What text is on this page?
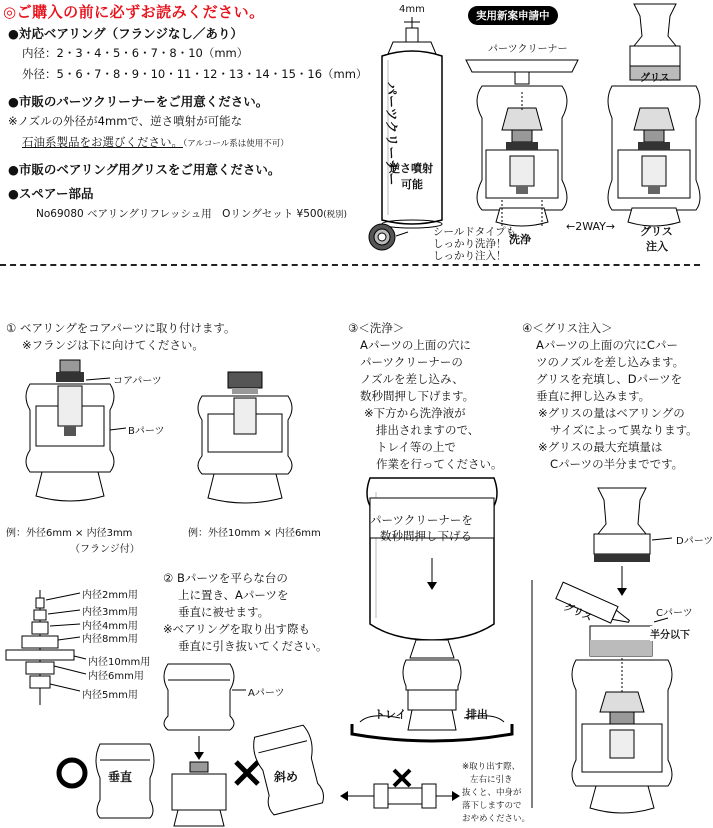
◎ご購入の前に必ずお読みください。
●対応ベアリング（フランジなし／あり）
内径：2・3・4・5・6・7・8・10（mm）
外径：5・6・7・8・9・10・11・12・13・14・15・16（mm）
●市販のパーツクリーナーをご用意ください。
※ノズルの外径が4mmで、逆さ噴射が可能な
石油系製品をお選びください。（アルコール系は使用不可）
●市販のベアリング用グリスをご用意ください。
●スペアー部品
No69080 ベアリングリフレッシュ用　Oリングセット ¥500(税別)
4mm
パーツクリーナー
逆さ噴射
可能
実用新案申請中
パーツクリーナー
シールドタイプも
しっかり洗浄！
しっかり注入！
洗浄
←2WAY→
グリス
グリス
注入
① ベアリングをコアパーツに取り付けます。
※フランジは下に向けてください。
コアパーツ
Bパーツ
例：外径6mm × 内径3mm
（フランジ付）
例：外径10mm × 内径6mm
内径2mm用
内径3mm用
内径4mm用
内径8mm用
内径10mm用
内径6mm用
内径5mm用
② Bパーツを平らな台の
上に置き、Aパーツを
垂直に被せます。
※ベアリングを取り出す際も
垂直に引き抜いてください。
Aパーツ
垂直	斜め
③＜洗浄＞
Aパーツの上面の穴に
パーツクリーナーの
ノズルを差し込み、
数秒間押し下げます。
※下方から洗浄液が
排出されますので、
トレイ等の上で
作業を行ってください。
パーツクリーナーを
数秒間押し下げる
トレイ	排出
※取り出す際、
左右に引き
抜くと、中身が
落下しますので
おやめください。
④＜グリス注入＞
Aパーツの上面の穴にCパー
ツのノズルを差し込みます。
グリスを充填し、Dパーツを
垂直に押し込みます。
※グリスの量はベアリングの
サイズによって異なります。
※グリスの最大充填量は
Cパーツの半分までです。
Dパーツ
グリス	Cパーツ
半分以下
